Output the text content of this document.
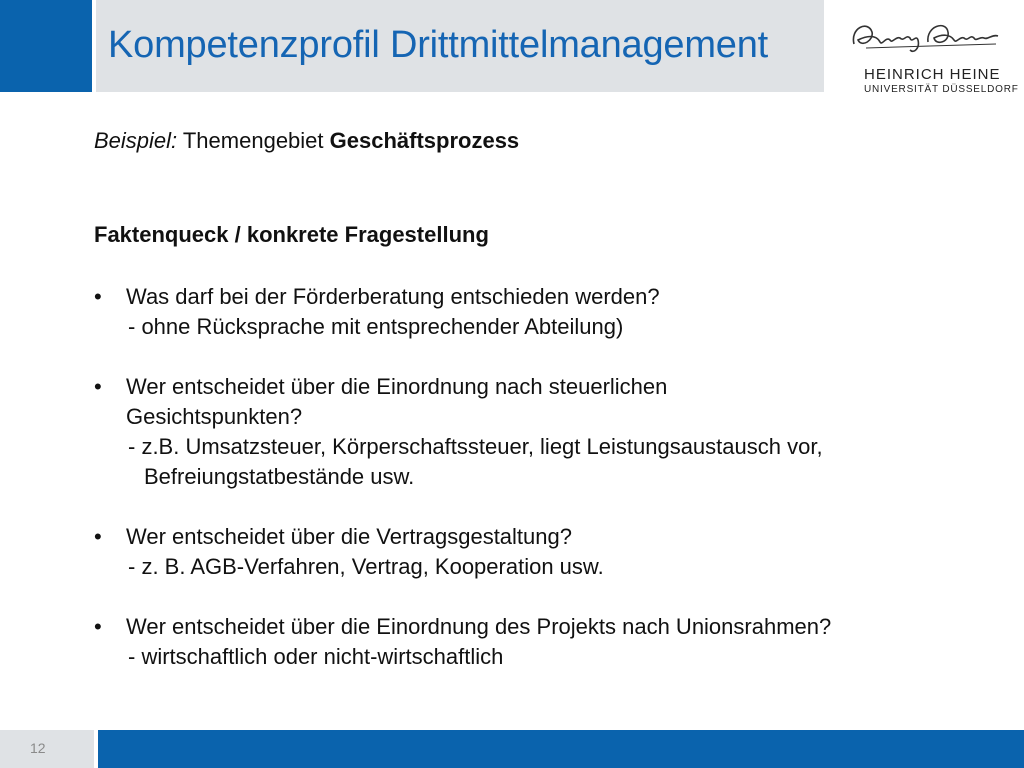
Kompetenzprofil Drittmittelmanagement
HEINRICH HEINE
UNIVERSITÄT DÜSSELDORF
Beispiel: Themengebiet Geschäftsprozess
Faktenqueck / konkrete Fragestellung
• Was darf bei der Förderberatung entschieden werden?
- ohne Rücksprache mit entsprechender Abteilung)
• Wer entscheidet über die Einordnung nach steuerlichen
Gesichtspunkten?
- z.B. Umsatzsteuer, Körperschaftssteuer, liegt Leistungsaustausch vor,
Befreiungstatbestände usw.
• Wer entscheidet über die Vertragsgestaltung?
- z. B. AGB-Verfahren, Vertrag, Kooperation usw.
• Wer entscheidet über die Einordnung des Projekts nach Unionsrahmen?
- wirtschaftlich oder nicht-wirtschaftlich
12
